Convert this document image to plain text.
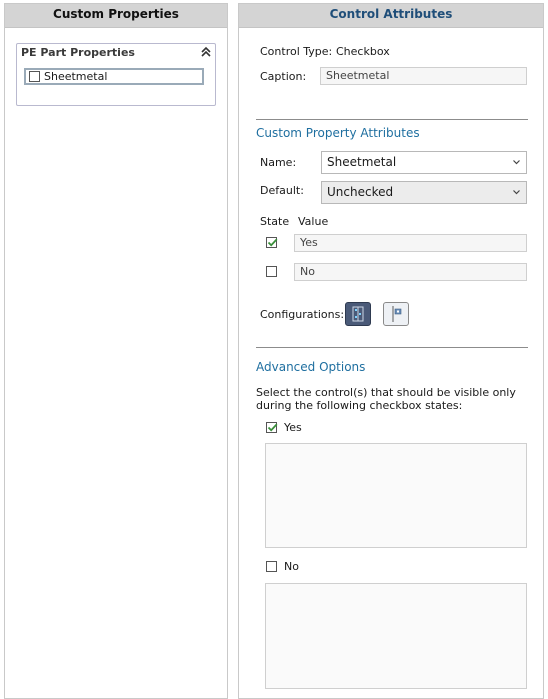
Custom Properties
PE Part Properties
Sheetmetal
Control Attributes
Control Type: Checkbox
Caption:	Sheetmetal
Custom Property Attributes
Name:	Sheetmetal
Default:	Unchecked
State Value
Yes
No
Configurations:
Advanced Options
Select the control(s) that should be visible only during the following checkbox states:
Yes
No
